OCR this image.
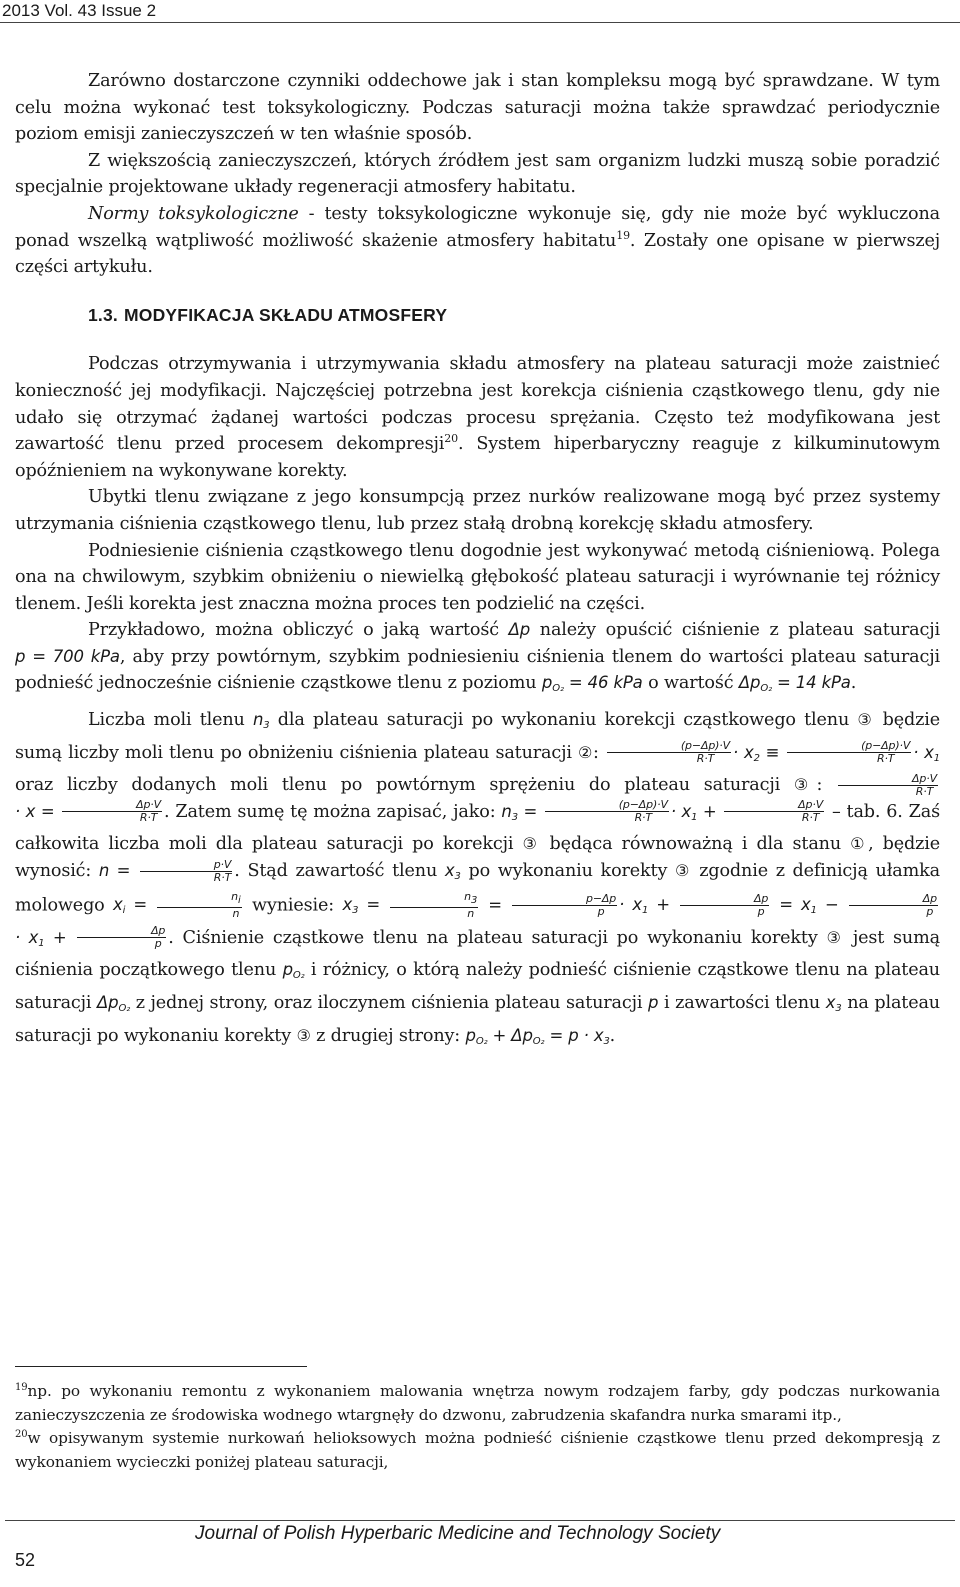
2013 Vol. 43 Issue 2

Zarówno dostarczone czynniki oddechowe jak i stan kompleksu mogą być sprawdzane. W tym celu można wykonać test toksykologiczny. Podczas saturacji można także sprawdzać periodycznie poziom emisji zanieczyszczeń w ten właśnie sposób.

Z większością zanieczyszczeń, których źródłem jest sam organizm ludzki muszą sobie poradzić specjalnie projektowane układy regeneracji atmosfery habitatu.

Normy toksykologiczne - testy toksykologiczne wykonuje się, gdy nie może być wykluczona ponad wszelką wątpliwość możliwość skażenie atmosfery habitatu$^{19}$. Zostały one opisane w pierwszej części artykułu.

1.3. MODYFIKACJA SKŁADU ATMOSFERY

Podczas otrzymywania i utrzymywania składu atmosfery na plateau saturacji może zaistnieć konieczność jej modyfikacji. Najczęściej potrzebna jest korekcja ciśnienia cząstkowego tlenu, gdy nie udało się otrzymać żądanej wartości podczas procesu sprężania. Często też modyfikowana jest zawartość tlenu przed procesem dekompresji$^{20}$. System hiperbaryczny reaguje z kilkuminutowym opóźnieniem na wykonywane korekty.

Ubytki tlenu związane z jego konsumpcją przez nurków realizowane mogą być przez systemy utrzymania ciśnienia cząstkowego tlenu, lub przez stałą drobną korekcję składu atmosfery.

Podniesienie ciśnienia cząstkowego tlenu dogodnie jest wykonywać metodą ciśnieniową. Polega ona na chwilowym, szybkim obniżeniu o niewielką głębokość plateau saturacji i wyrównanie tej różnicy tlenem. Jeśli korekta jest znaczna można proces ten podzielić na części.

Przykładowo, można obliczyć o jaką wartość Δp należy opuścić ciśnienie z plateau saturacji p = 700 kPa, aby przy powtórnym, szybkim podniesieniu ciśnienia tlenem do wartości plateau saturacji podnieść jednocześnie ciśnienie cząstkowe tlenu z poziomu $p_{O_2} = 46$ kPa o wartość $\Delta p_{O_2} = 14$ kPa.

Liczba moli tlenu $n_3$ dla plateau saturacji po wykonaniu korekcji cząstkowego tlenu ③ będzie sumą liczby moli tlenu po obniżeniu ciśnienia plateau saturacji ②: $\frac{(p-\Delta p)\cdot V}{R\cdot T} \cdot x_2 \equiv \frac{(p-\Delta p)\cdot V}{R\cdot T} \cdot x_1$ oraz liczby dodanych moli tlenu po powtórnym sprężeniu do plateau saturacji ③: $\frac{\Delta p\cdot V}{R\cdot T}$
· $x = \frac{\Delta p\cdot V}{R\cdot T}$ . Zatem sumę tę można zapisać, jako: $n_3 = \frac{(p-\Delta p)\cdot V}{R\cdot T} \cdot x_1 + \frac{\Delta p\cdot V}{R\cdot T}$ – tab. 6. Zaś całkowita liczba moli dla plateau saturacji po korekcji ③ będąca równoważną i dla stanu ①, będzie wynosić: $n = \frac{p\cdot V}{R\cdot T}$ . Stąd zawartość tlenu $x_3$ po wykonaniu korekty ③ zgodnie z definicją ułamka molowego $x_i = \frac{ni}{n}$ wyniesie: $x_3 = \frac{n3}{n} = \frac{p-\Delta p}{p} \cdot x_1 + \frac{\Delta p}{p} = x_1 - \frac{\Delta p}{p}$
· $x_1 + \frac{\Delta p}{p}$ . Ciśnienie cząstkowe tlenu na plateau saturacji po wykonaniu korekty ③ jest sumą ciśnienia początkowego tlenu $p_{O_2}$ i różnicy, o którą należy podnieść ciśnienie cząstkowe tlenu na plateau saturacji $\Delta p_{O_2}$ z jednej strony, oraz iloczynem ciśnienia plateau saturacji p i zawartości tlenu $x_3$ na plateau saturacji po wykonaniu korekty ③ z drugiej strony: $p_{O_2} + \Delta p_{O_2} = p \cdot x_3$.

$^{19}$np. po wykonaniu remontu z wykonaniem malowania wnętrza nowym rodzajem farby, gdy podczas nurkowania zanieczyszczenia ze środowiska wodnego wtargnęły do dzwonu, zabrudzenia skafandra nurka smarami itp.,

$^{20}$w opisywanym systemie nurkowań helioksowych można podnieść ciśnienie cząstkowe tlenu przed dekompresją z wykonaniem wycieczki poniżej plateau saturacji,

Journal of Polish Hyperbaric Medicine and Technology Society
52
